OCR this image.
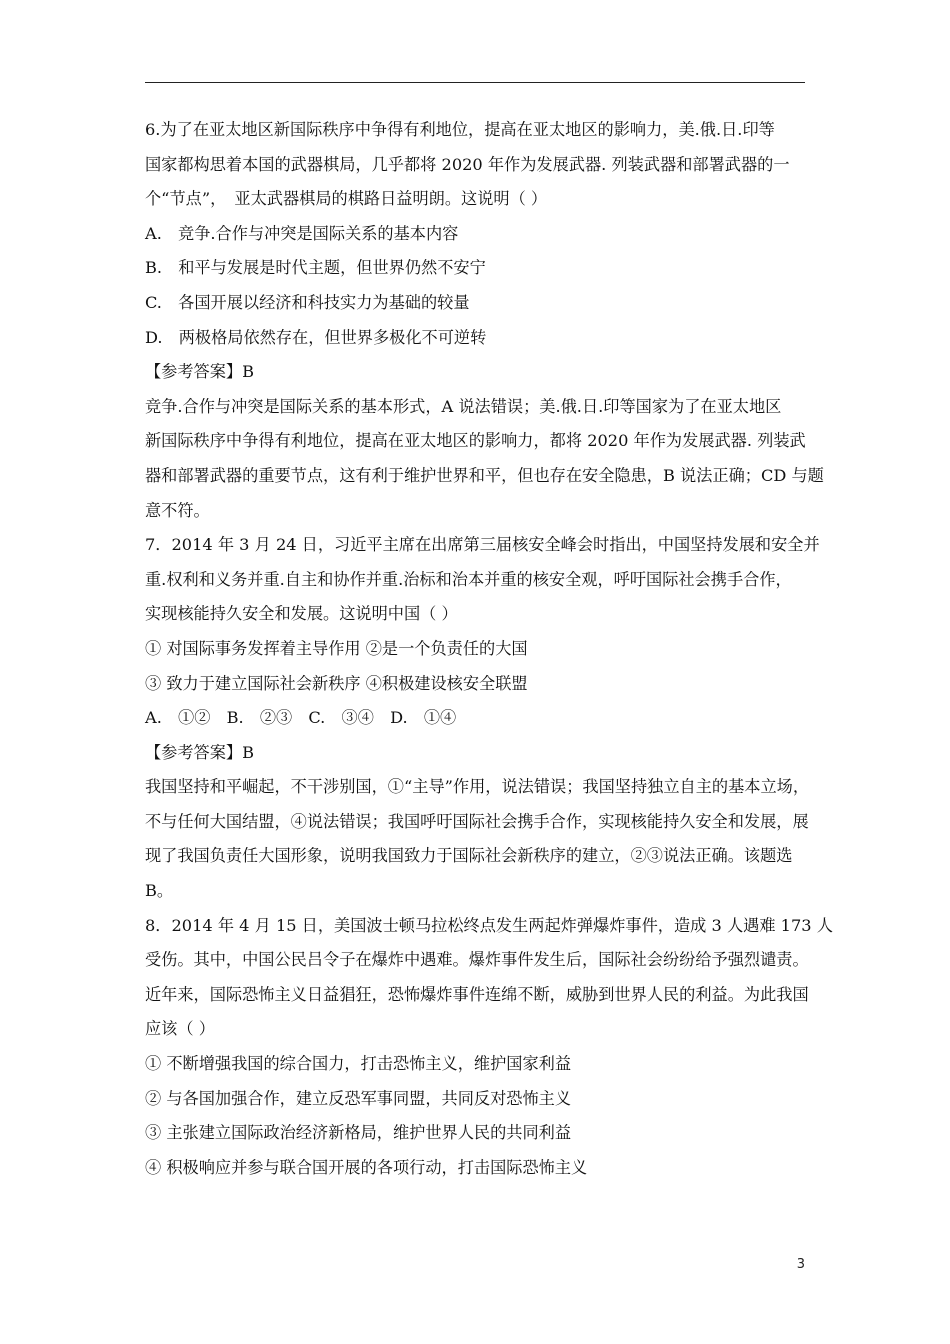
6.为了在亚太地区新国际秩序中争得有利地位，提高在亚太地区的影响力，美.俄.日.印等
国家都构思着本国的武器棋局，几乎都将 2020 年作为发展武器. 列装武器和部署武器的一
个“节点”，　亚太武器棋局的棋路日益明朗。这说明（ ）
A.　竞争.合作与冲突是国际关系的基本内容
B.　和平与发展是时代主题，但世界仍然不安宁
C.　各国开展以经济和科技实力为基础的较量
D.　两极格局依然存在，但世界多极化不可逆转
【参考答案】B
竞争.合作与冲突是国际关系的基本形式，A 说法错误；美.俄.日.印等国家为了在亚太地区
新国际秩序中争得有利地位，提高在亚太地区的影响力，都将 2020 年作为发展武器. 列装武
器和部署武器的重要节点，这有利于维护世界和平，但也存在安全隐患，B 说法正确；CD 与题
意不符。
7．2014 年 3 月 24 日，习近平主席在出席第三届核安全峰会时指出，中国坚持发展和安全并
重.权利和义务并重.自主和协作并重.治标和治本并重的核安全观，呼吁国际社会携手合作，
实现核能持久安全和发展。这说明中国（ ）
① 对国际事务发挥着主导作用 ②是一个负责任的大国
③ 致力于建立国际社会新秩序 ④积极建设核安全联盟
A.　①②　B.　②③　C.　③④　D.　①④
【参考答案】B
我国坚持和平崛起，不干涉别国，①“主导”作用，说法错误；我国坚持独立自主的基本立场，
不与任何大国结盟，④说法错误；我国呼吁国际社会携手合作，实现核能持久安全和发展，展
现了我国负责任大国形象，说明我国致力于国际社会新秩序的建立，②③说法正确。该题选
B。
8．2014 年 4 月 15 日，美国波士顿马拉松终点发生两起炸弹爆炸事件，造成 3 人遇难 173 人
受伤。其中，中国公民吕令子在爆炸中遇难。爆炸事件发生后，国际社会纷纷给予强烈谴责。
近年来，国际恐怖主义日益猖狂，恐怖爆炸事件连绵不断，威胁到世界人民的利益。为此我国
应该（ ）
① 不断增强我国的综合国力，打击恐怖主义，维护国家利益
② 与各国加强合作，建立反恐军事同盟，共同反对恐怖主义
③ 主张建立国际政治经济新格局，维护世界人民的共同利益
④ 积极响应并参与联合国开展的各项行动，打击国际恐怖主义
3
